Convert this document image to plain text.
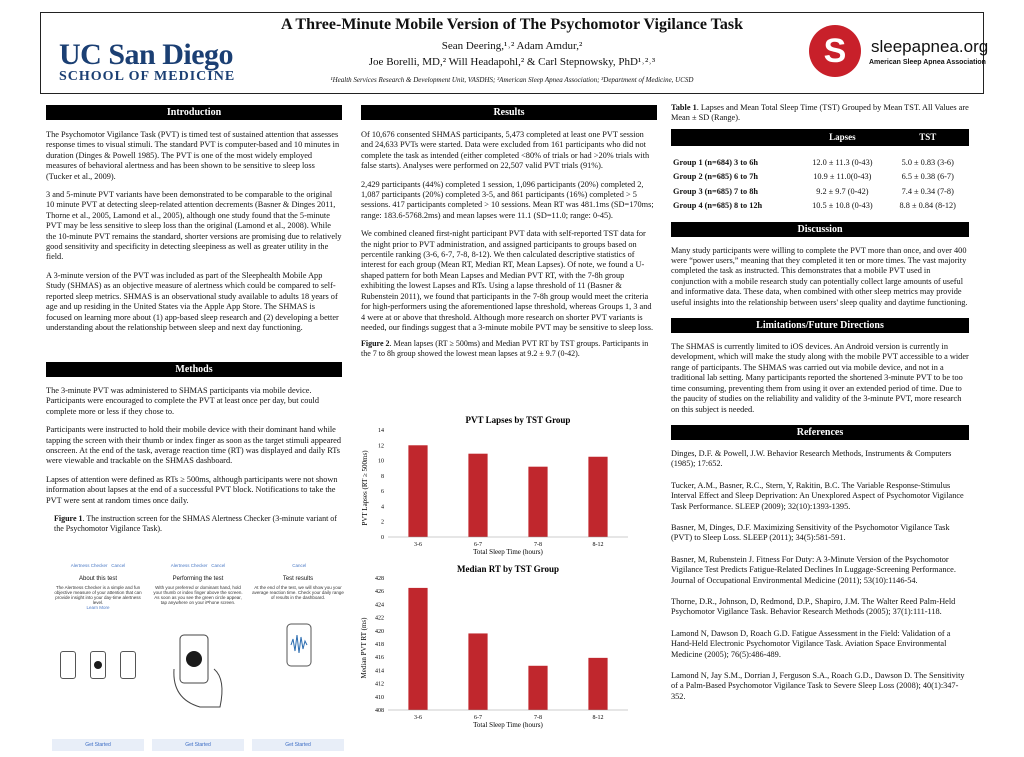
UC San Diego
SCHOOL OF MEDICINE
A Three-Minute Mobile Version of The Psychomotor Vigilance Task
Sean Deering,¹˒² Adam Amdur,²
Joe Borelli, MD,² Will Headapohl,² & Carl Stepnowsky, PhD¹˒²˒³
¹Health Services Research & Development Unit, VASDHS; ²American Sleep Apnea Association; ³Department of Medicine, UCSD
S	sleepapnea.org
American Sleep Apnea Association
Introduction

The Psychomotor Vigilance Task (PVT) is timed test of sustained attention that assesses response times to visual stimuli. The standard PVT is computer-based and 10 minutes in duration (Dinges & Powell 1985). The PVT is one of the most widely employed measures of behavioral alertness and has been shown to be sensitive to sleep loss (Tucker et al., 2009).

3 and 5-minute PVT variants have been demonstrated to be comparable to the original 10 minute PVT at detecting sleep-related attention decrements (Basner & Dinges 2011, Thorne et al., 2005, Lamond et al., 2005), although one study found that the 5-minute PVT may be less sensitive to sleep loss than the original (Lamond et al., 2008). While the 10-minute PVT remains the standard, shorter versions are promising due to relatively good sensitivity and specificity in detecting sleepiness as well as greater utility in the field.

A 3-minute version of the PVT was included as part of the Sleephealth Mobile App Study (SHMAS) as an objective measure of alertness which could be compared to self-reported sleep metrics. SHMAS is an observational study available to adults 18 years of age and up residing in the United States via the Apple App Store. The SHMAS is focused on learning more about (1) app-based sleep research and (2) developing a better understanding about the relationship between sleep and next day functioning.

Methods

The 3-minute PVT was administered to SHMAS participants via mobile device. Participants were encouraged to complete the PVT at least once per day, but could complete more or less if they chose to.

Participants were instructed to hold their mobile device with their dominant hand while tapping the screen with their thumb or index finger as soon as the target stimuli appeared onscreen. At the end of the task, average reaction time (RT) was displayed and daily RTs were viewable and trackable on the SHMAS dashboard.

Lapses of attention were defined as RTs ≥ 500ms, although participants were not shown information about lapses at the end of a successful PVT block. Notifications to take the PVT were sent at random times once daily.

Figure 1. The instruction screen for the SHMAS Alertness Checker (3-minute variant of the Psychomotor Vigilance Task).
Alertness Checker Cancel
About this test
The Alertness Checker is a simple and fun objective measure of your attention that can provide insight into your day-time alertness level.
Learn More
Get Started
Alertness Checker Cancel
Performing the test
With your preferred or dominant hand, hold your thumb or index finger above the screen. As soon as you see the green circle appear, tap anywhere on your iPhone screen.
Get Started
Cancel
Test results
At the end of the test, we will show you your average reaction time. Check your daily range of results in the dashboard.
Get Started
Results

Of 10,676 consented SHMAS participants, 5,473 completed at least one PVT session and 24,633 PVTs were started. Data were excluded from 161 participants who did not complete the task as intended (either completed <80% of trials or had >20% trials with false starts). Analyses were performed on 22,507 valid PVT trials (91%).

2,429 participants (44%) completed 1 session, 1,096 participants (20%) completed 2, 1,087 participants (20%) completed 3-5, and 861 participants (16%) completed > 5 sessions. 417 participants completed > 10 sessions. Mean RT was 481.1ms (SD=170ms; range: 183.6-5768.2ms) and mean lapses were 11.1 (SD=11.0; range: 0-45).

We combined cleaned first-night participant PVT data with self-reported TST data for the night prior to PVT administration, and assigned participants to groups based on percentile ranking (3-6, 6-7, 7-8, 8-12). We then calculated descriptive statistics of interest for each group (Mean RT, Median RT, Mean Lapses). Of note, we found a U-shaped pattern for both Mean Lapses and Median PVT RT, with the 7-8h group exhibiting the lowest Lapses and RTs. Using a lapse threshold of 11 (Basner & Rubenstein 2011), we found that participants in the 7-8h group would meet the criteria for high-performers using the aforementioned lapse threshold, whereas Groups 1, 3 and 4 were at or above that threshold. Although more research on shorter PVT variants is needed, our findings suggest that a 3-minute mobile PVT may be sensitive to sleep loss.

Figure 2. Mean lapses (RT ≥ 500ms) and Median PVT RT by TST groups. Participants in the 7 to 8h group showed the lowest mean lapses at 9.2 ± 9.7 (0-42).
PVT Lapses by TST Group
0
2
4
6
8
10
12
14
3-6	6-7	7-8	8-12
Total Sleep Time (hours)
PVT Lapses (RT ≥ 500ms)
Median RT by TST Group
408
410
412
414
416
418
420
422
424
426
428
3-6	6-7	7-8	8-12
Total Sleep Time (hours)
Median PVT RT (ms)
Table 1. Lapses and Mean Total Sleep Time (TST) Grouped by Mean TST. All Values are Mean ± SD (Range).
	Lapses	TST

Group 1 (n=684) 3 to 6h	12.0 ± 11.3 (0-43)	5.0 ± 0.83 (3-6)
Group 2 (n=685) 6 to 7h	10.9 ± 11.0(0-43)	6.5 ± 0.38 (6-7)
Group 3 (n=685) 7 to 8h	9.2 ± 9.7 (0-42)	7.4 ± 0.34 (7-8)
Group 4 (n=685) 8 to 12h	10.5 ± 10.8 (0-43)	8.8 ± 0.84 (8-12)
Discussion

Many study participants were willing to complete the PVT more than once, and over 400 were “power users,” meaning that they completed it ten or more times. The vast majority completed the task as instructed. This demonstrates that a mobile PVT used in conjunction with a mobile research study can potentially collect large amounts of useful and informative data. These data, when combined with other sleep metrics may provide useful insights into the relationship between users' sleep quality and daytime functioning.

Limitations/Future Directions

The SHMAS is currently limited to iOS devices. An Android version is currently in development, which will make the study along with the mobile PVT accessible to a wider range of participants. The SHMAS was carried out via mobile device, and not in a traditional lab setting. Many participants reported the shortened 3-minute PVT to be too time consuming, preventing them from using it over an extended period of time. Due to the paucity of studies on the reliability and validity of the 3-minute PVT, more research on this subject is needed.

References
Dinges, D.F. & Powell, J.W. Behavior Research Methods, Instruments & Computers (1985); 17:652.
Tucker, A.M., Basner, R.C., Stern, Y, Rakitin, B.C. The Variable Response-Stimulus Interval Effect and Sleep Deprivation: An Unexplored Aspect of Psychomotor Vigilance Task Performance. SLEEP (2009); 32(10):1393-1395.
Basner, M, Dinges, D.F. Maximizing Sensitivity of the Psychomotor Vigilance Task (PVT) to Sleep Loss. SLEEP (2011); 34(5):581-591.
Basner, M, Rubenstein J. Fitness For Duty: A 3-Minute Version of the Psychomotor Vigilance Test Predicts Fatigue-Related Declines In Luggage-Screening Performance. Journal of Occupational Environmental Medicine (2011); 53(10):1146-54.
Thorne, D.R., Johnson, D, Redmond, D.P., Shapiro, J.M. The Walter Reed Palm-Held Psychomotor Vigilance Task. Behavior Research Methods (2005); 37(1):111-118.
Lamond N, Dawson D, Roach G.D. Fatigue Assessment in the Field: Validation of a Hand-Held Electronic Psychomotor Vigilance Task. Aviation Space Environmental Medicine (2005); 76(5):486-489.
Lamond N, Jay S.M., Dorrian J, Ferguson S.A., Roach G.D., Dawson D. The Sensitivity of a Palm-Based Psychomotor Vigilance Task to Severe Sleep Loss (2008); 40(1):347-352.
